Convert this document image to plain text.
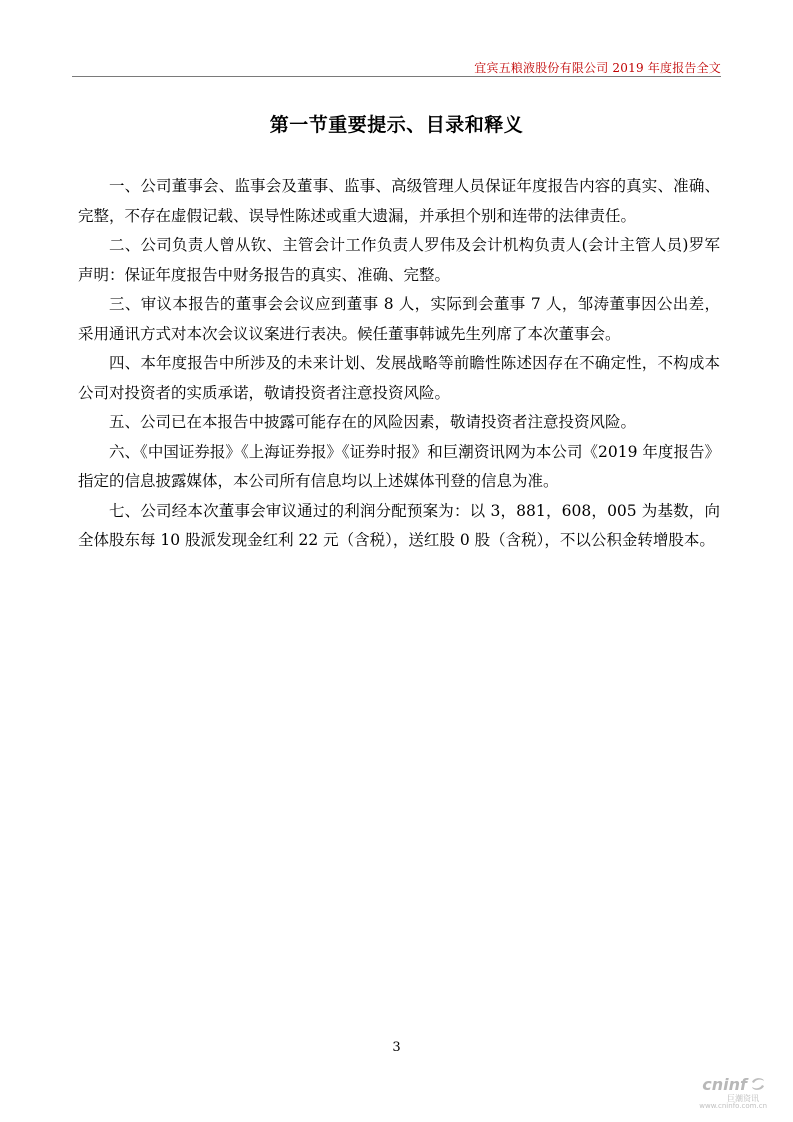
宜宾五粮液股份有限公司 2019 年度报告全文
第一节重要提示、目录和释义

一、公司董事会、监事会及董事、监事、高级管理人员保证年度报告内容的真实、准确、完整，不存在虚假记载、误导性陈述或重大遗漏，并承担个别和连带的法律责任。

二、公司负责人曾从钦、主管会计工作负责人罗伟及会计机构负责人(会计主管人员)罗军声明：保证年度报告中财务报告的真实、准确、完整。

三、审议本报告的董事会会议应到董事 8 人，实际到会董事 7 人，邹涛董事因公出差，采用通讯方式对本次会议议案进行表决。候任董事韩诚先生列席了本次董事会。

四、本年度报告中所涉及的未来计划、发展战略等前瞻性陈述因存在不确定性，不构成本公司对投资者的实质承诺，敬请投资者注意投资风险。

五、公司已在本报告中披露可能存在的风险因素，敬请投资者注意投资风险。

六、《中国证券报》《上海证券报》《证券时报》和巨潮资讯网为本公司《2019 年度报告》指定的信息披露媒体，本公司所有信息均以上述媒体刊登的信息为准。

七、公司经本次董事会审议通过的利润分配预案为：以 3，881，608，005 为基数，向全体股东每 10 股派发现金红利 22 元（含税），送红股 0 股（含税），不以公积金转增股本。

3
cninf
巨潮资讯
www.cninfo.com.cn
